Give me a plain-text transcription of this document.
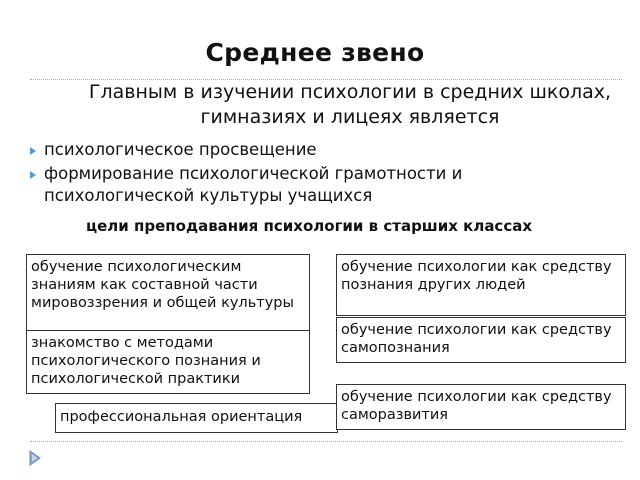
Среднее звено
Главным в изучении психологии в средних школах, гимназиях и лицеях является
психологическое просвещение
формирование психологической грамотности и психологической культуры учащихся
цели преподавания психологии в старших классах
обучение психологическим знаниям как составной части мировоззрения и общей культуры
знакомство с методами психологического познания и психологической практики
профессиональная ориентация
обучение психологии как средству познания других людей
обучение психологии как средству самопознания
обучение психологии как средству саморазвития
